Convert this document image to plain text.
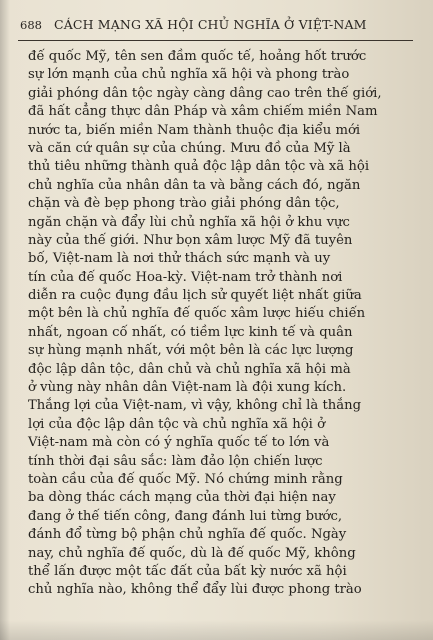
688 CÁCH MẠNG XÃ HỘI CHỦ NGHĨA Ở VIỆT-NAM
đế quốc Mỹ, tên sen đầm quốc tế, hoảng hốt trước
sự lớn mạnh của chủ nghĩa xã hội và phong trào
giải phóng dân tộc ngày càng dâng cao trên thế giới,
đã hất cẳng thực dân Pháp và xâm chiếm miền Nam
nước ta, biến miền Nam thành thuộc địa kiểu mới
và căn cứ quân sự của chúng. Mưu đồ của Mỹ là
thủ tiêu những thành quả độc lập dân tộc và xã hội
chủ nghĩa của nhân dân ta và bằng cách đó, ngăn
chặn và đè bẹp phong trào giải phóng dân tộc,
ngăn chặn và đẩy lùi chủ nghĩa xã hội ở khu vực
này của thế giới. Như bọn xâm lược Mỹ đã tuyên
bố, Việt-nam là nơi thử thách sức mạnh và uy
tín của đế quốc Hoa-kỳ. Việt-nam trở thành nơi
diễn ra cuộc đụng đầu lịch sử quyết liệt nhất giữa
một bên là chủ nghĩa đế quốc xâm lược hiếu chiến
nhất, ngoan cố nhất, có tiềm lực kinh tế và quân
sự hùng mạnh nhất, với một bên là các lực lượng
độc lập dân tộc, dân chủ và chủ nghĩa xã hội mà
ở vùng này nhân dân Việt-nam là đội xung kích.
Thắng lợi của Việt-nam, vì vậy, không chỉ là thắng
lợi của độc lập dân tộc và chủ nghĩa xã hội ở
Việt-nam mà còn có ý nghĩa quốc tế to lớn và
tính thời đại sâu sắc: làm đảo lộn chiến lược
toàn cầu của đế quốc Mỹ. Nó chứng minh rằng
ba dòng thác cách mạng của thời đại hiện nay
đang ở thế tiến công, đang đánh lui từng bước,
đánh đổ từng bộ phận chủ nghĩa đế quốc. Ngày
nay, chủ nghĩa đế quốc, dù là đế quốc Mỹ, không
thể lấn được một tấc đất của bất kỳ nước xã hội
chủ nghĩa nào, không thể đẩy lùi được phong trào
